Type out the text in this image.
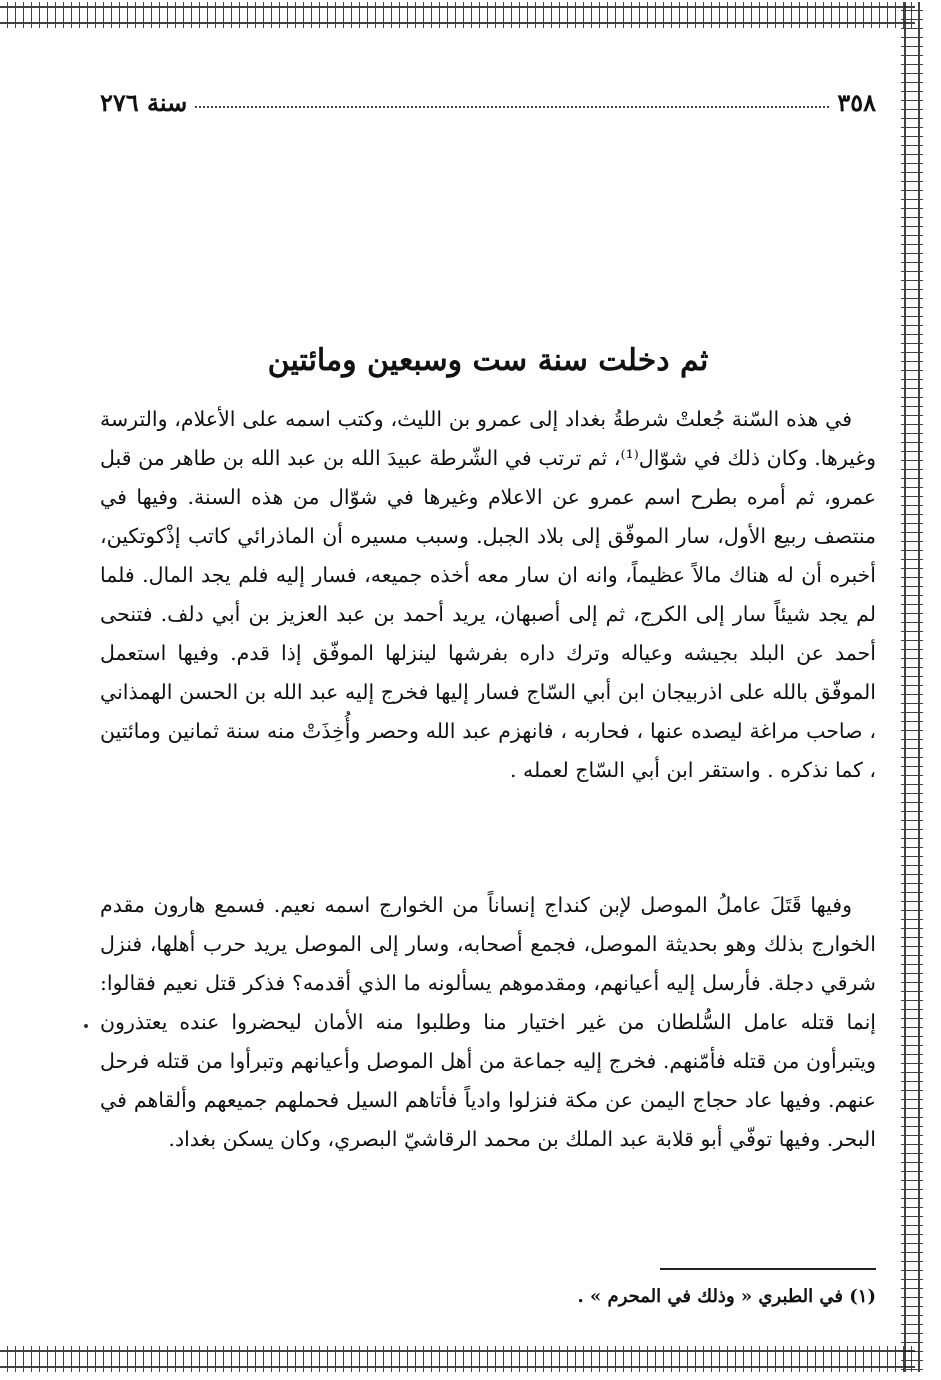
٣٥٨
سنة ٢٧٦
ثم دخلت سنة ست وسبعين ومائتين

في هذه السّنة جُعلتْ شرطةُ بغداد إلى عمرو بن الليث، وكتب اسمه على الأعلام، والترسة وغيرها. وكان ذلك في شوّال⁽¹⁾، ثم ترتب في الشّرطة عبيدَ الله بن عبد الله بن طاهر من قبل عمرو، ثم أمره بطرح اسم عمرو عن الاعلام وغيرها في شوّال من هذه السنة. وفيها في منتصف ربيع الأول، سار الموفّق إلى بلاد الجبل. وسبب مسيره أن الماذرائي كاتب إذْكوتكين، أخبره أن له هناك مالاً عظيماً، وانه ان سار معه أخذه جميعه، فسار إليه فلم يجد المال. فلما لم يجد شيئاً سار إلى الكرج، ثم إلى أصبهان، يريد أحمد بن عبد العزيز بن أبي دلف. فتنحى أحمد عن البلد بجيشه وعياله وترك داره بفرشها لينزلها الموفّق إذا قدم. وفيها استعمل الموفّق بالله على اذربيجان ابن أبي السّاج فسار إليها فخرج إليه عبد الله بن الحسن الهمذاني ، صاحب مراغة ليصده عنها ، فحاربه ، فانهزم عبد الله وحصر وأُخِذَتْ منه سنة ثمانين ومائتين ، كما نذكره . واستقر ابن أبي السّاج لعمله .

وفيها قَتَلَ عاملُ الموصل لإبن كنداج إنساناً من الخوارج اسمه نعيم. فسمع هارون مقدم الخوارج بذلك وهو بحديثة الموصل، فجمع أصحابه، وسار إلى الموصل يريد حرب أهلها، فنزل شرقي دجلة. فأرسل إليه أعيانهم، ومقدموهم يسألونه ما الذي أقدمه؟ فذكر قتل نعيم فقالوا: إنما قتله عامل السُّلطان من غير اختيار منا وطلبوا منه الأمان ليحضروا عنده يعتذرون ويتبرأون من قتله فأمّنهم. فخرج إليه جماعة من أهل الموصل وأعيانهم وتبرأوا من قتله فرحل عنهم. وفيها عاد حجاج اليمن عن مكة فنزلوا وادياً فأتاهم السيل فحملهم جميعهم وألقاهم في البحر. وفيها توفّي أبو قلابة عبد الملك بن محمد الرقاشيّ البصري، وكان يسكن بغداد.

(١) في الطبري « وذلك في المحرم » .
